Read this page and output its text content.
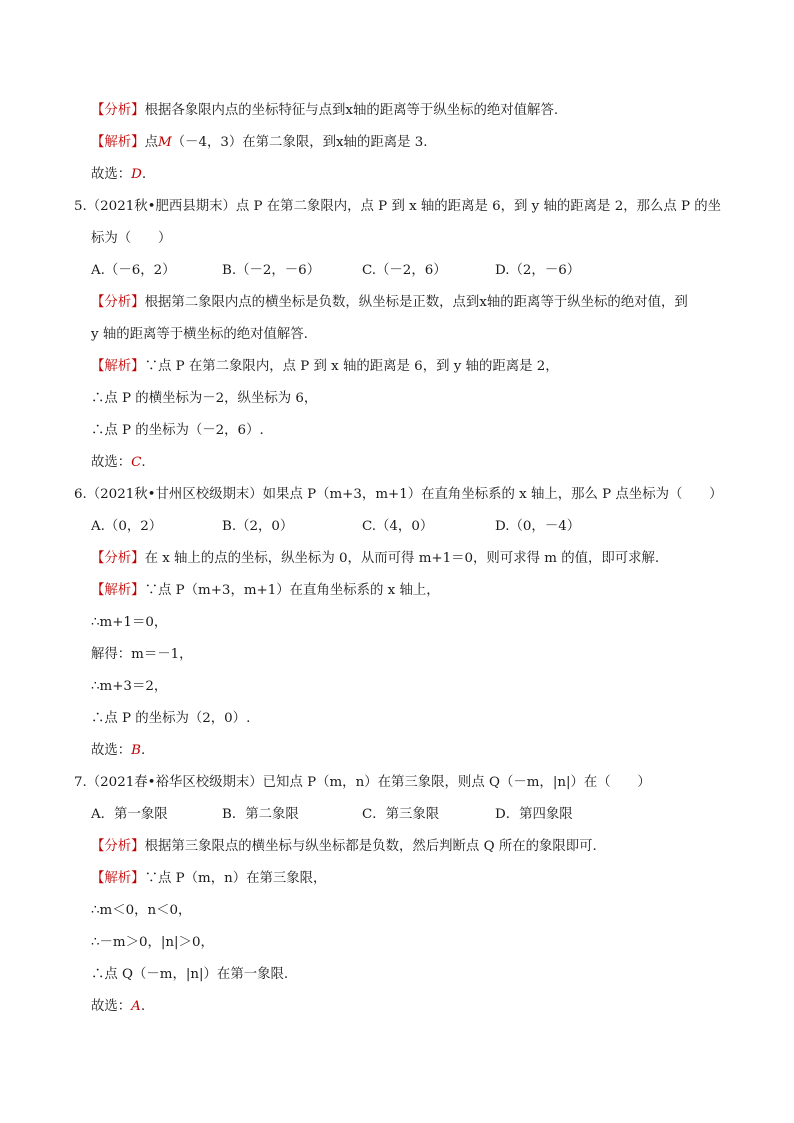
【分析】根据各象限内点的坐标特征与点到x轴的距离等于纵坐标的绝对值解答.
【解析】点M（－4，3）在第二象限，到x轴的距离是 3.
故选：D.
5.（2021秋•肥西县期末）点 P 在第二象限内，点 P 到 x 轴的距离是 6，到 y 轴的距离是 2，那么点 P 的坐
标为（　　）
A.（－6，2）	B.（－2，－6）	C.（－2，6）	D.（2，－6）
【分析】根据第二象限内点的横坐标是负数，纵坐标是正数，点到x轴的距离等于纵坐标的绝对值，到
y 轴的距离等于横坐标的绝对值解答.
【解析】∵点 P 在第二象限内，点 P 到 x 轴的距离是 6，到 y 轴的距离是 2，
∴点 P 的横坐标为－2，纵坐标为 6，
∴点 P 的坐标为（－2，6）.
故选：C.
6.（2021秋•甘州区校级期末）如果点 P（m+3，m+1）在直角坐标系的 x 轴上，那么 P 点坐标为（　　）
A.（0，2）	B.（2，0）	C.（4，0）	D.（0，－4）
【分析】在 x 轴上的点的坐标，纵坐标为 0，从而可得 m+1＝0，则可求得 m 的值，即可求解.
【解析】∵点 P（m+3，m+1）在直角坐标系的 x 轴上，
∴m+1＝0，
解得：m＝－1，
∴m+3＝2，
∴点 P 的坐标为（2，0）.
故选：B.
7.（2021春•裕华区校级期末）已知点 P（m，n）在第三象限，则点 Q（－m，|n|）在（　　）
A．第一象限	B．第二象限	C．第三象限	D．第四象限
【分析】根据第三象限点的横坐标与纵坐标都是负数，然后判断点 Q 所在的象限即可.
【解析】∵点 P（m，n）在第三象限，
∴m＜0，n＜0，
∴－m＞0，|n|＞0，
∴点 Q（－m，|n|）在第一象限.
故选：A.
